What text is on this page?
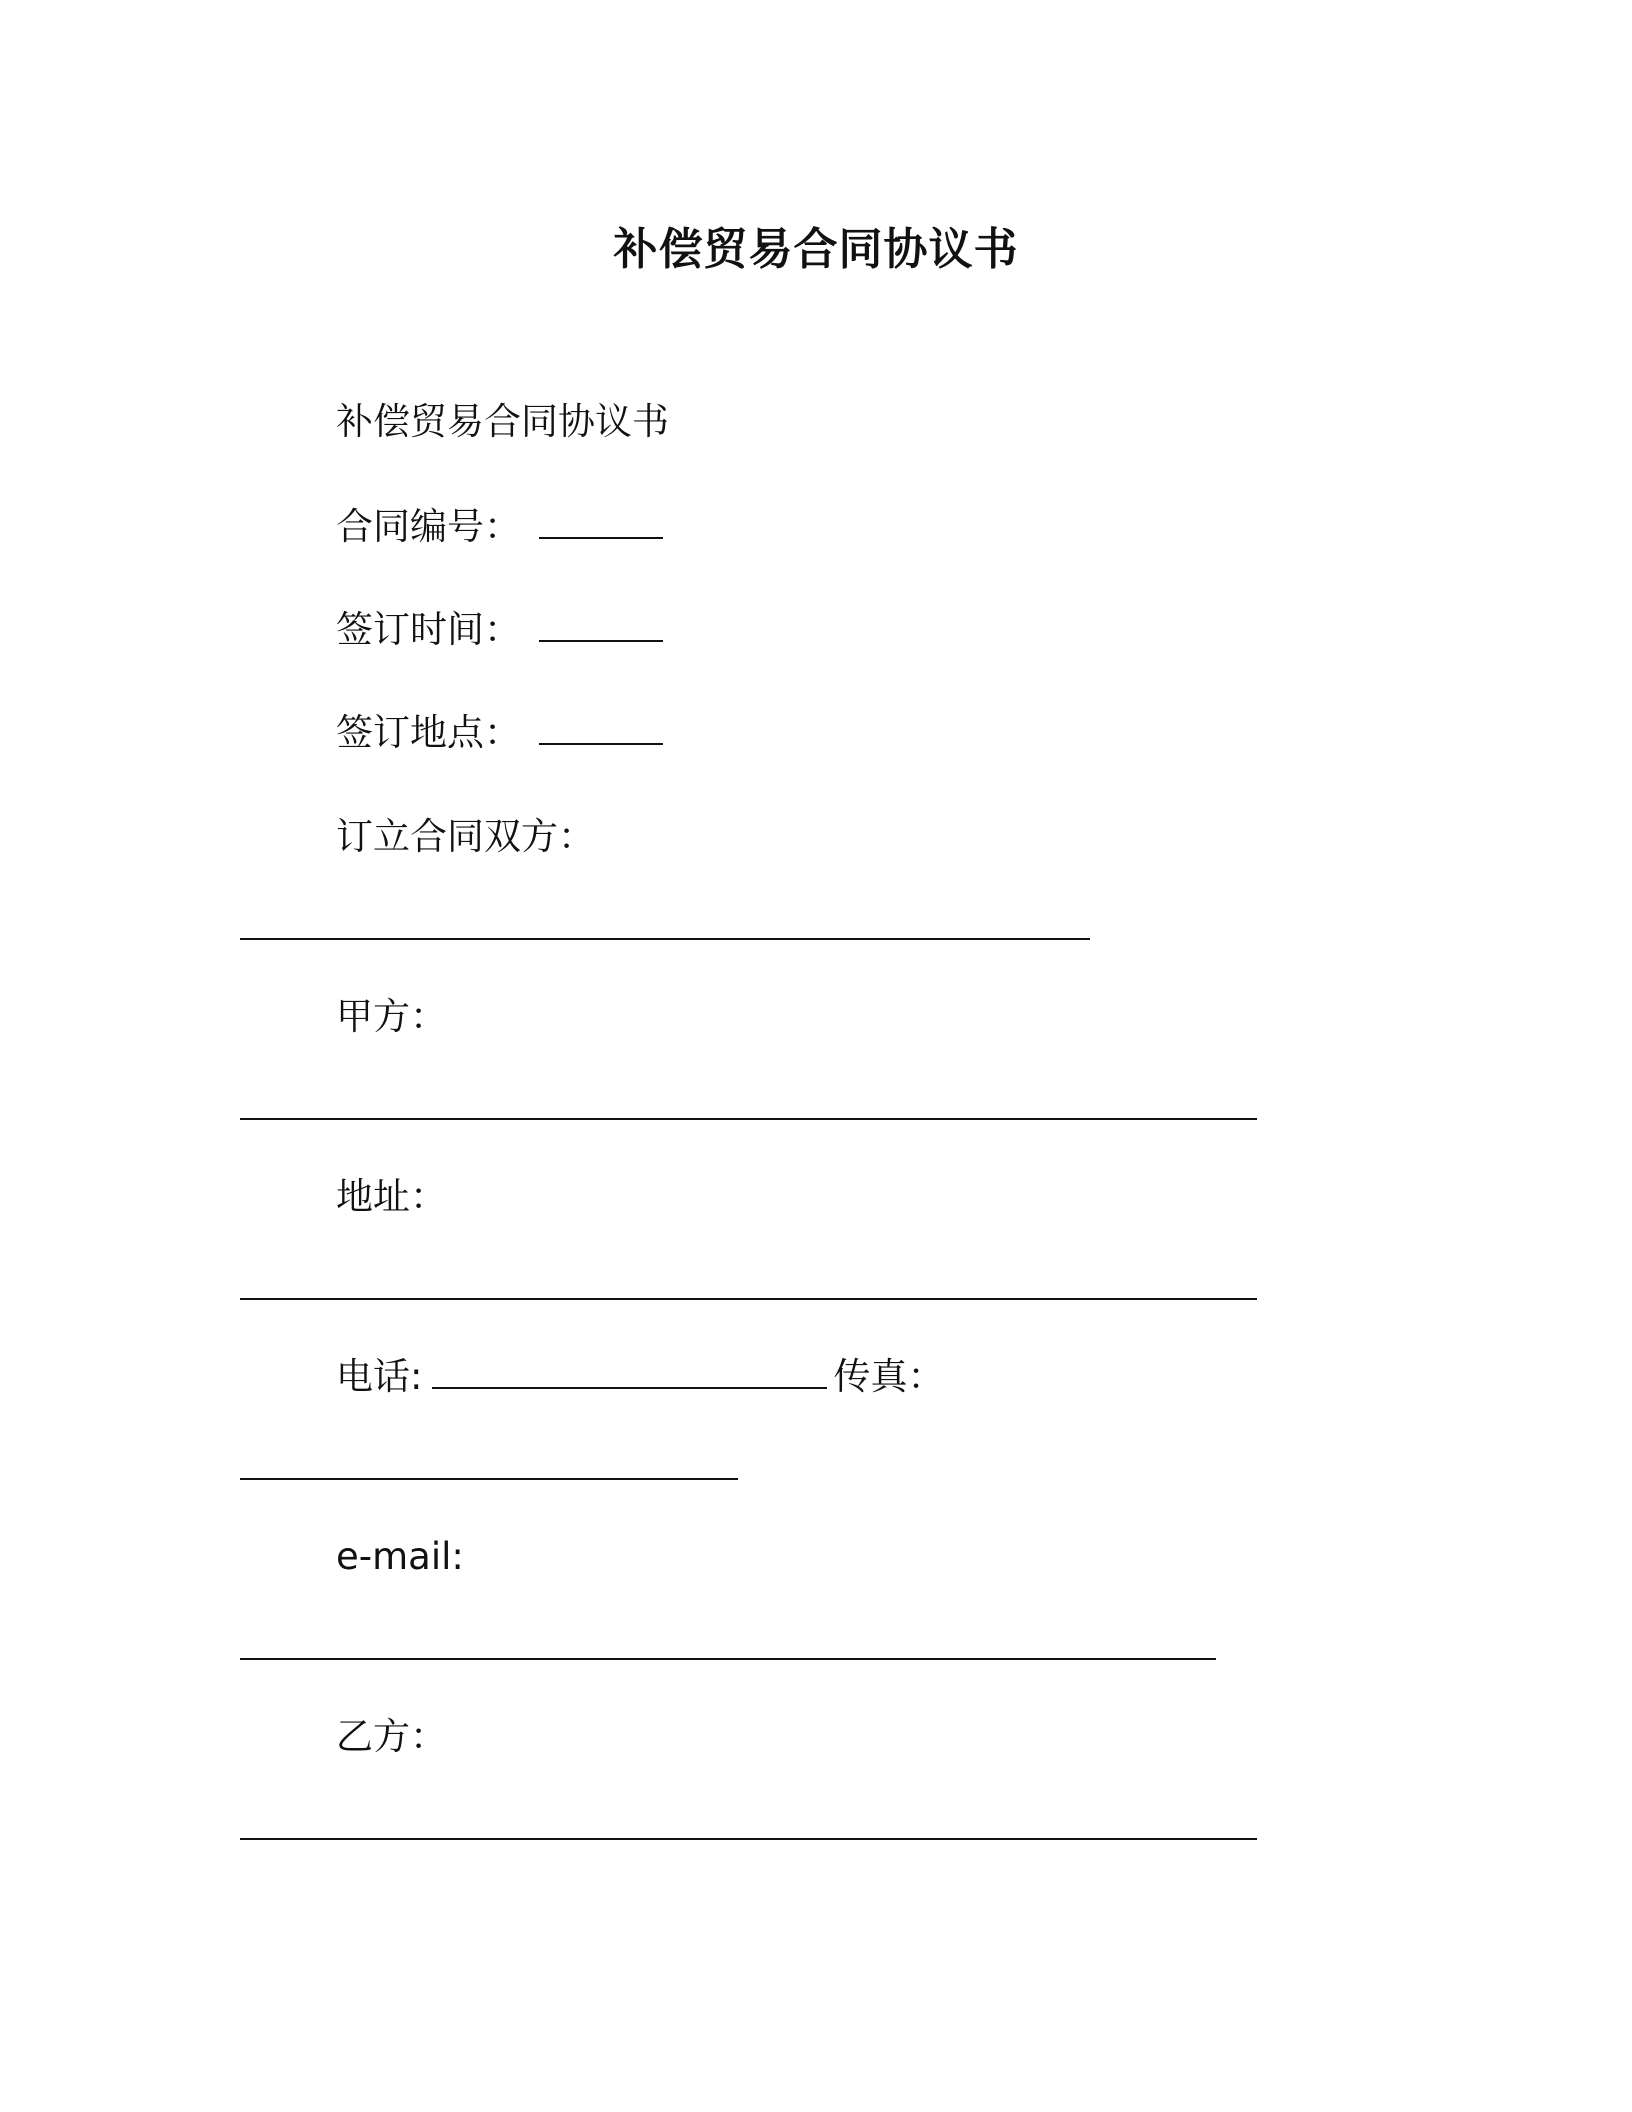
补偿贸易合同协议书
补偿贸易合同协议书
合同编号：
签订时间：
签订地点：
订立合同双方：
甲方：
地址：
电话:	传真：
e-mail:
乙方：
